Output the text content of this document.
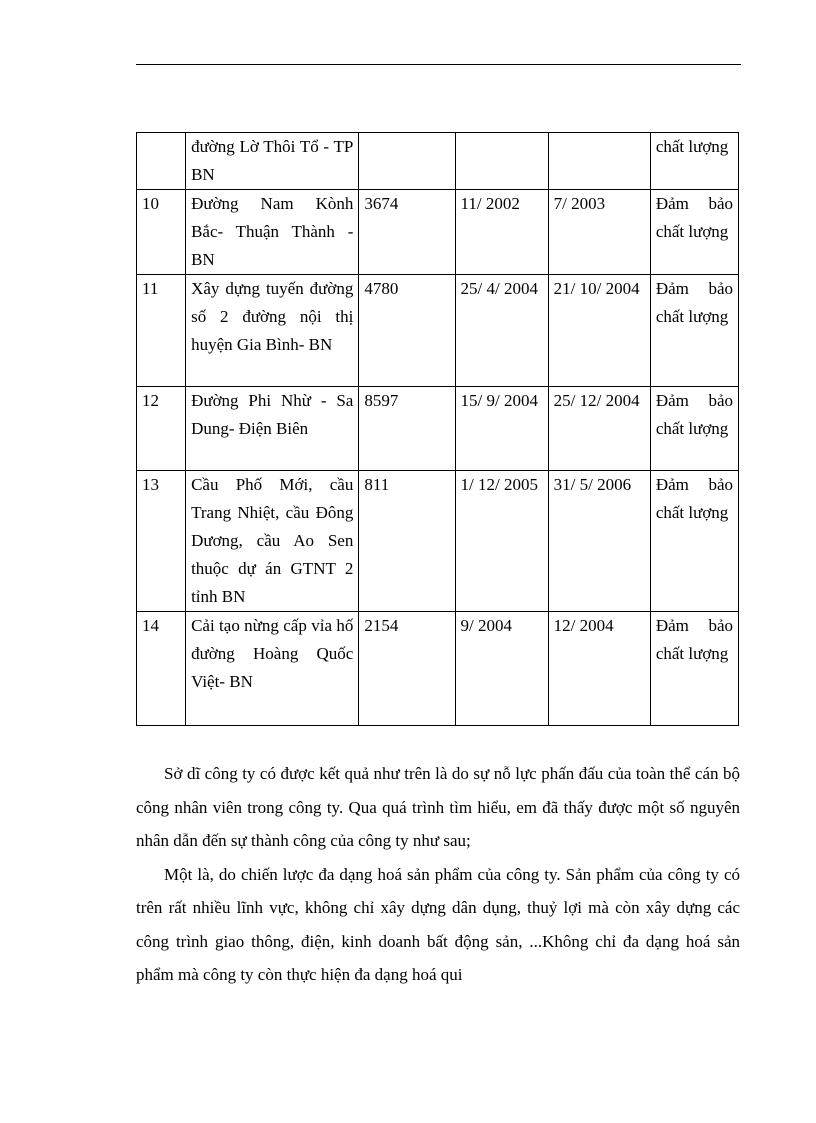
	đường Lờ Thôi Tổ - TP BN				chất lượng
10	Đường Nam Kònh Bắc- Thuận Thành - BN	3674	11/ 2002	7/ 2003	Đảm bảo chất lượng
11	Xây dựng tuyến đường số 2 đường nội thị huyện Gia Bình- BN	4780	25/ 4/ 2004	21/ 10/ 2004	Đảm bảo chất lượng
12	Đường Phi Nhừ - Sa Dung- Điện Biên	8597	15/ 9/ 2004	25/ 12/ 2004	Đảm bảo chất lượng
13	Cầu Phố Mới, cầu Trang Nhiệt, cầu Đông Dương, cầu Ao Sen thuộc dự án GTNT 2 tỉnh BN	811	1/ 12/ 2005	31/ 5/ 2006	Đảm bảo chất lượng
14	Cải tạo nừng cấp vỉa hố đường Hoàng Quốc Việt- BN	2154	9/ 2004	12/ 2004	Đảm bảo chất lượng

Sở dĩ công ty có được kết quả như trên là do sự nỗ lực phấn đấu của toàn thể cán bộ công nhân viên trong công ty. Qua quá trình tìm hiểu, em đã thấy được một số nguyên nhân dẫn đến sự thành công của công ty như sau;

Một là, do chiến lược đa dạng hoá sản phẩm của công ty. Sản phẩm của công ty có trên rất nhiều lĩnh vực, không chỉ xây dựng dân dụng, thuỷ lợi mà còn xây dựng các công trình giao thông, điện, kinh doanh bất động sản, ...Không chỉ đa dạng hoá sản phẩm mà công ty còn thực hiện đa dạng hoá qui
